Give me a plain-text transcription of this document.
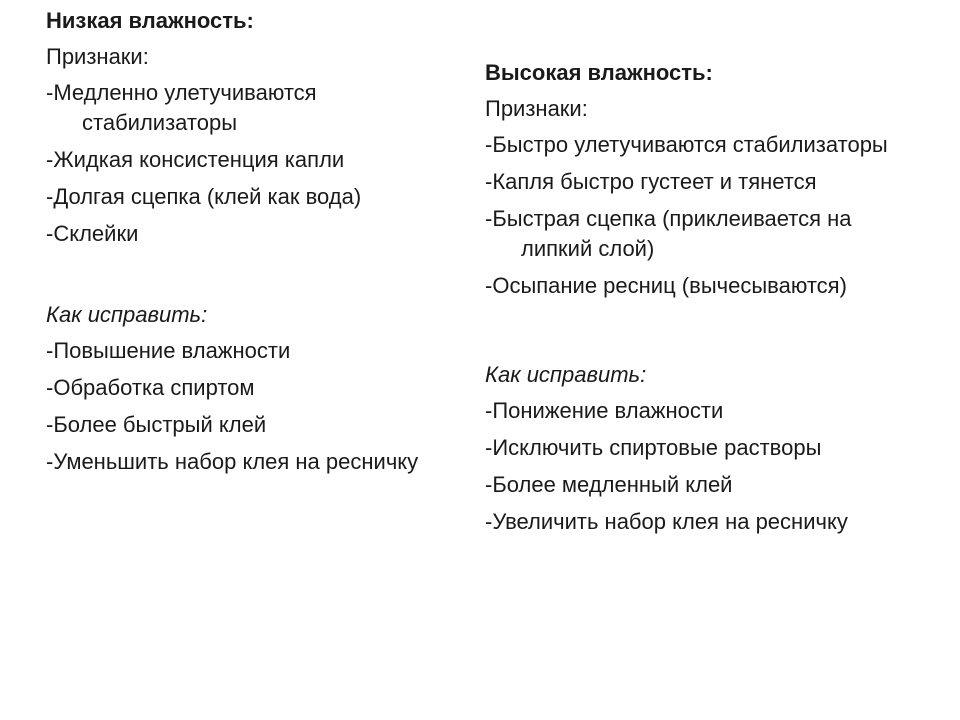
Низкая влажность:
Признаки:
-Медленно улетучиваются стабилизаторы
-Жидкая консистенция капли
-Долгая сцепка (клей как вода)
-Склейки
Как исправить:
-Повышение влажности
-Обработка спиртом
-Более быстрый клей
-Уменьшить набор клея на ресничку
Высокая влажность:
Признаки:
-Быстро улетучиваются стабилизаторы
-Капля быстро густеет и тянется
-Быстрая сцепка (приклеивается на липкий слой)
-Осыпание ресниц (вычесываются)
Как исправить:
-Понижение влажности
-Исключить спиртовые растворы
-Более медленный клей
-Увеличить набор клея на ресничку
